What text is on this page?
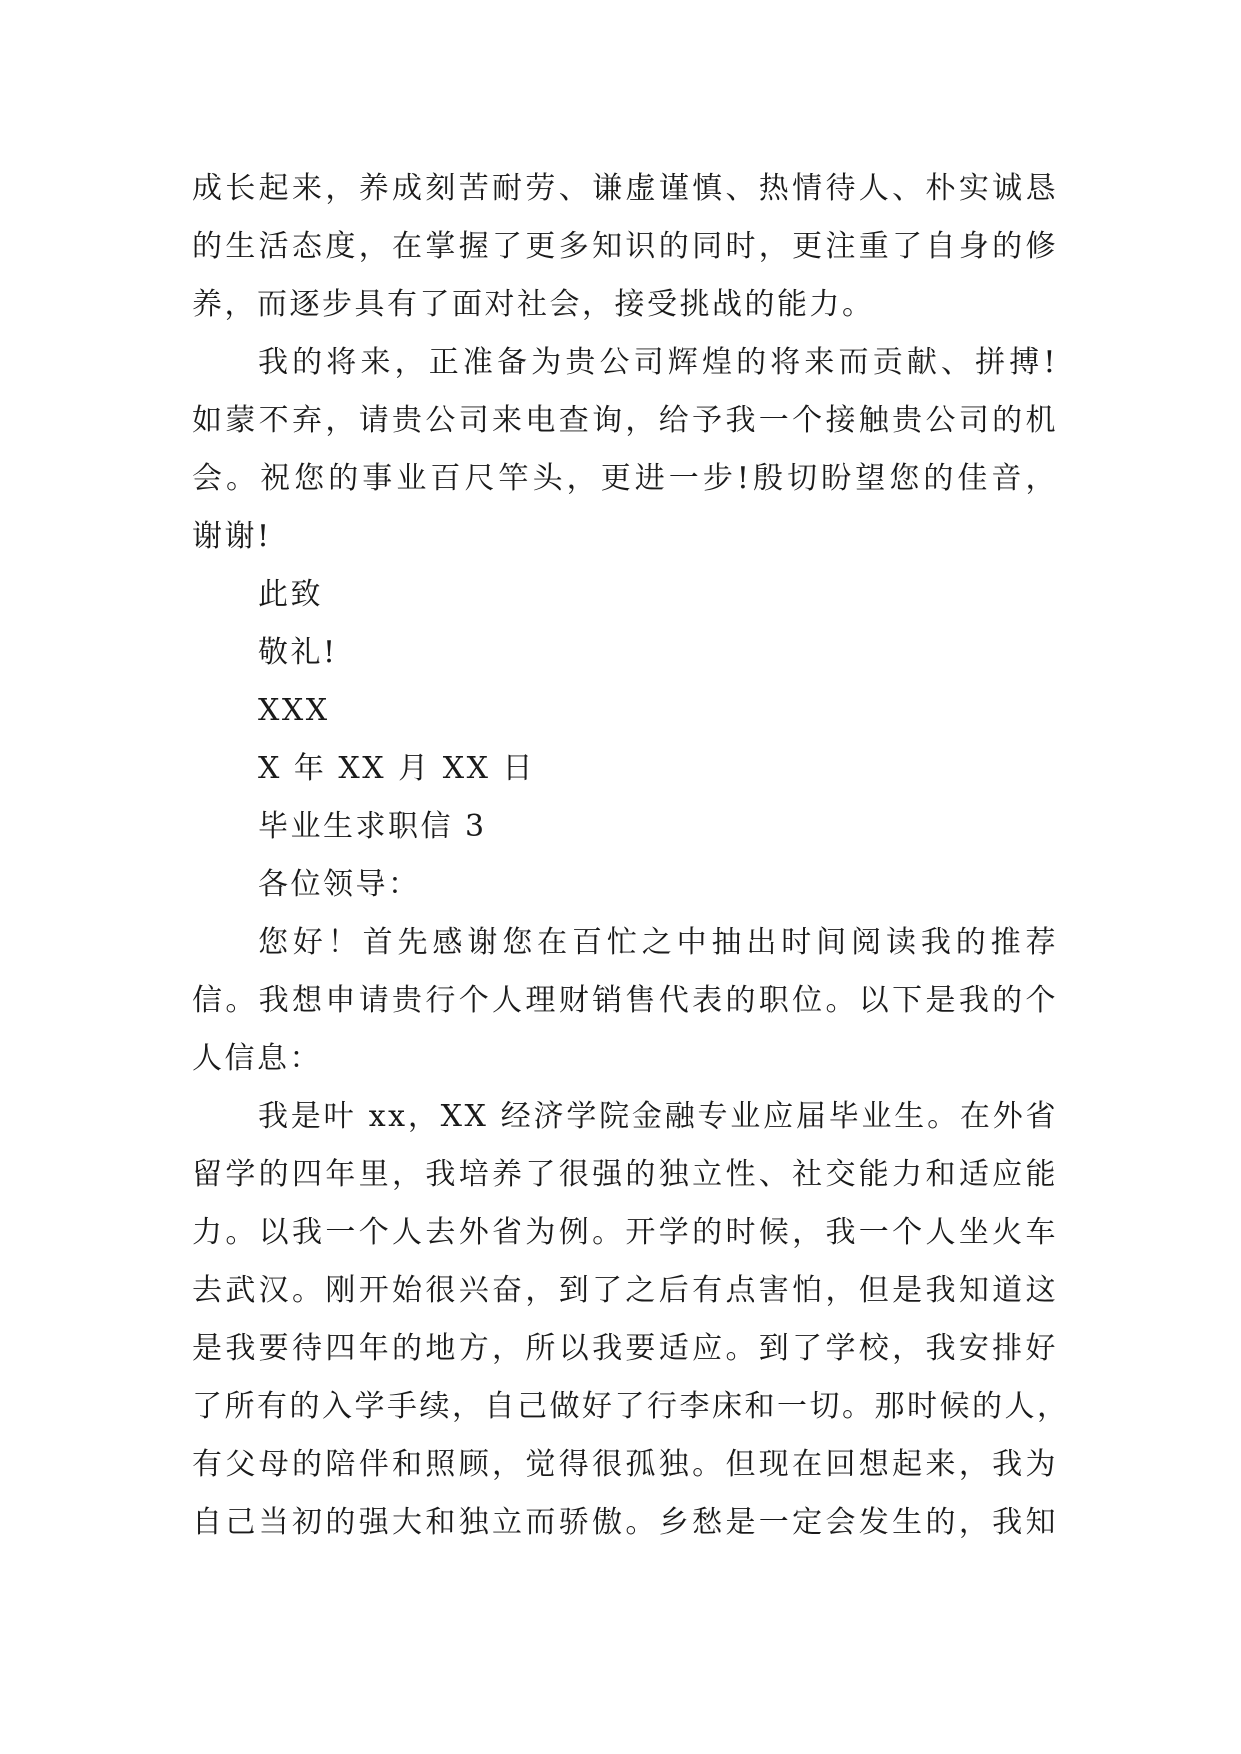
成长起来，养成刻苦耐劳、谦虚谨慎、热情待人、朴实诚恳
的生活态度，在掌握了更多知识的同时，更注重了自身的修
养，而逐步具有了面对社会，接受挑战的能力。
我的将来，正准备为贵公司辉煌的将来而贡献、拼搏!
如蒙不弃，请贵公司来电查询，给予我一个接触贵公司的机
会。祝您的事业百尺竿头，更进一步!殷切盼望您的佳音，
谢谢!
此致
敬礼!
XXX
X 年 XX 月 XX 日
毕业生求职信 3
各位领导：
您好！首先感谢您在百忙之中抽出时间阅读我的推荐
信。我想申请贵行个人理财销售代表的职位。以下是我的个
人信息：
我是叶 xx，XX 经济学院金融专业应届毕业生。在外省
留学的四年里，我培养了很强的独立性、社交能力和适应能
力。以我一个人去外省为例。开学的时候，我一个人坐火车
去武汉。刚开始很兴奋，到了之后有点害怕，但是我知道这
是我要待四年的地方，所以我要适应。到了学校，我安排好
了所有的入学手续，自己做好了行李床和一切。那时候的人，
有父母的陪伴和照顾，觉得很孤独。但现在回想起来，我为
自己当初的强大和独立而骄傲。乡愁是一定会发生的，我知
